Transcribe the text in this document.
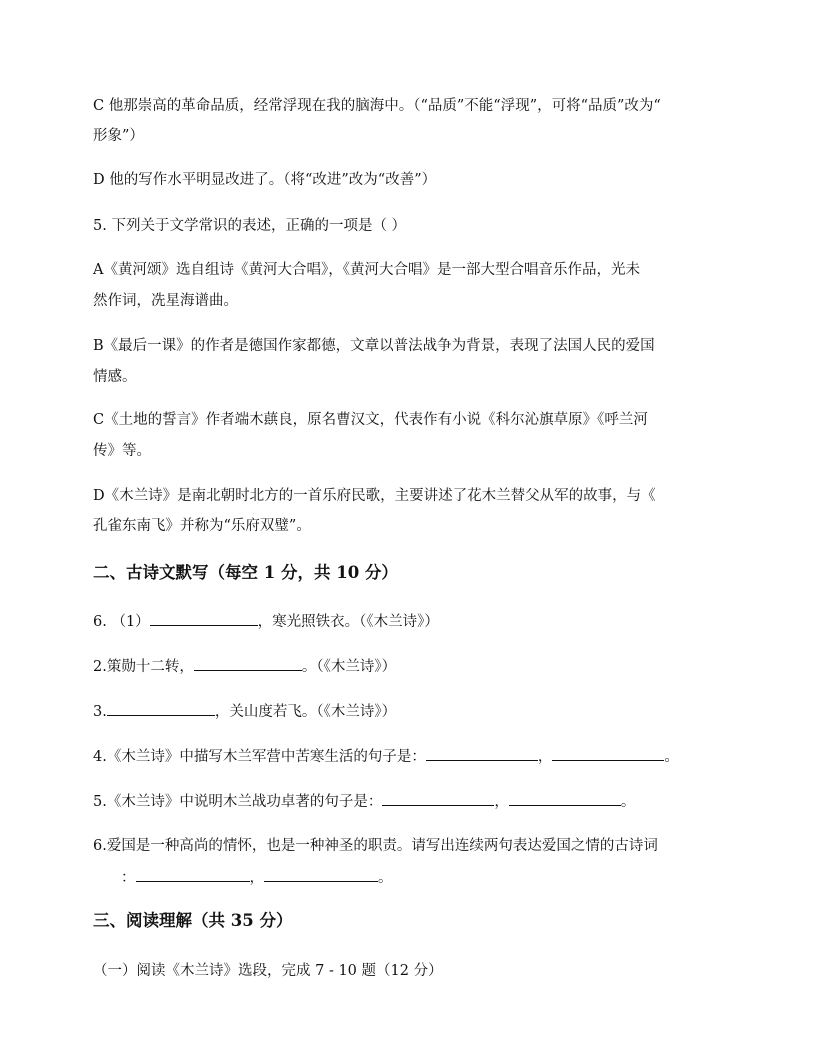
C 他那崇高的革命品质，经常浮现在我的脑海中。（“品质”不能“浮现”，可将“品质”改为“
形象”）
D 他的写作水平明显改进了。（将“改进”改为“改善”）
5. 下列关于文学常识的表述，正确的一项是（ ）
A《黄河颂》选自组诗《黄河大合唱》，《黄河大合唱》是一部大型合唱音乐作品，光未
然作词，冼星海谱曲。
B《最后一课》的作者是德国作家都德，文章以普法战争为背景，表现了法国人民的爱国
情感。
C《土地的誓言》作者端木蕻良，原名曹汉文，代表作有小说《科尔沁旗草原》《呼兰河
传》等。
D《木兰诗》是南北朝时北方的一首乐府民歌，主要讲述了花木兰替父从军的故事，与《
孔雀东南飞》并称为“乐府双璧”。
二、古诗文默写（每空 1 分，共 10 分）
6. （1）	，寒光照铁衣。（《木兰诗》）
2.策勋十二转，	。（《木兰诗》）
3.	，关山度若飞。（《木兰诗》）
4.《木兰诗》中描写木兰军营中苦寒生活的句子是：	，	。
5.《木兰诗》中说明木兰战功卓著的句子是：	，	。
6.爱国是一种高尚的情怀，也是一种神圣的职责。请写出连续两句表达爱国之情的古诗词
：	，	。
三、阅读理解（共 35 分）
（一）阅读《木兰诗》选段，完成 7 - 10 题（12 分）
